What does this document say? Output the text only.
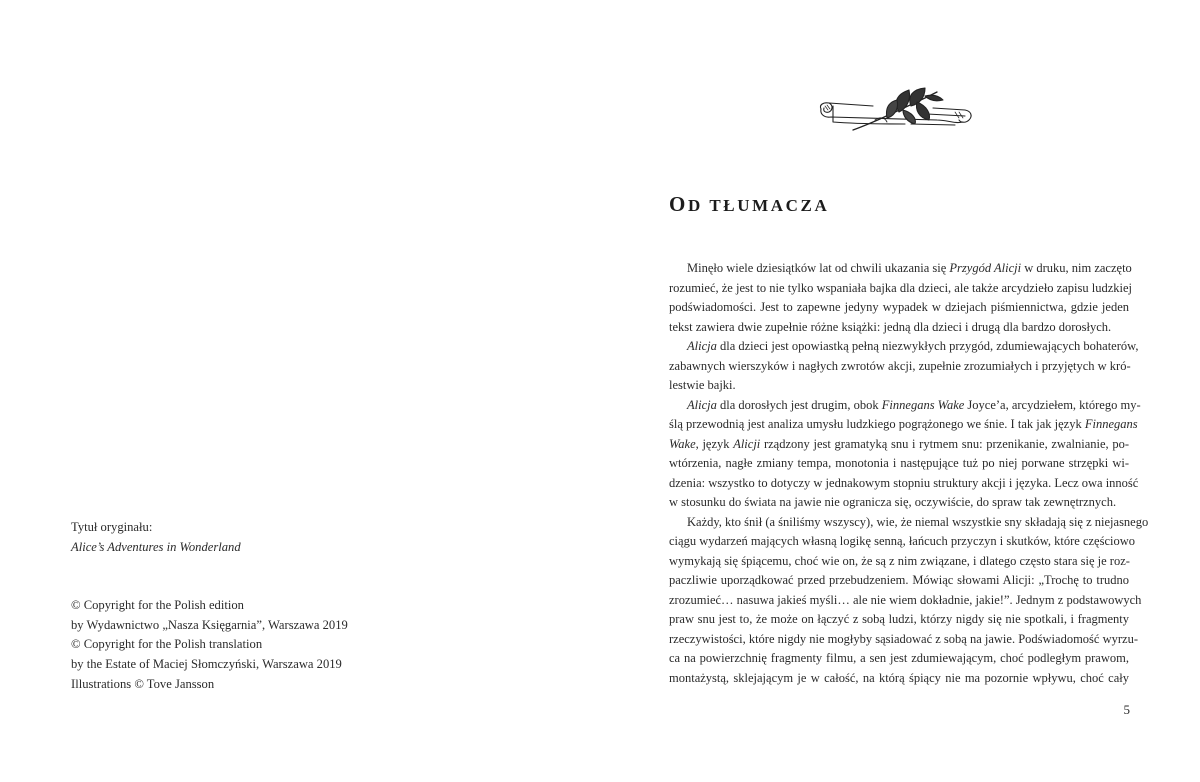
Tytuł oryginału:
Alice’s Adventures in Wonderland
© Copyright for the Polish edition
by Wydawnictwo „Nasza Księgarnia”, Warszawa 2019
© Copyright for the Polish translation
by the Estate of Maciej Słomczyński, Warszawa 2019
Illustrations © Tove Jansson
OD TŁUMACZA
Minęło wiele dziesiątków lat od chwili ukazania się Przygód Alicji w druku, nim zaczęto
rozumieć, że jest to nie tylko wspaniała bajka dla dzieci, ale także arcydzieło zapisu ludzkiej
podświadomości. Jest to zapewne jedyny wypadek w dziejach piśmiennictwa, gdzie jeden
tekst zawiera dwie zupełnie różne książki: jedną dla dzieci i drugą dla bardzo dorosłych.
Alicja dla dzieci jest opowiastką pełną niezwykłych przygód, zdumiewających bohaterów,
zabawnych wierszyków i nagłych zwrotów akcji, zupełnie zrozumiałych i przyjętych w kró-
lestwie bajki.
Alicja dla dorosłych jest drugim, obok Finnegans Wake Joyce’a, arcydziełem, którego my-
ślą przewodnią jest analiza umysłu ludzkiego pogrążonego we śnie. I tak jak język Finnegans
Wake, język Alicji rządzony jest gramatyką snu i rytmem snu: przenikanie, zwalnianie, po-
wtórzenia, nagłe zmiany tempa, monotonia i następujące tuż po niej porwane strzępki wi-
dzenia: wszystko to dotyczy w jednakowym stopniu struktury akcji i języka. Lecz owa inność
w stosunku do świata na jawie nie ogranicza się, oczywiście, do spraw tak zewnętrznych.
Każdy, kto śnił (a śniliśmy wszyscy), wie, że niemal wszystkie sny składają się z niejasnego
ciągu wydarzeń mających własną logikę senną, łańcuch przyczyn i skutków, które częściowo
wymykają się śpiącemu, choć wie on, że są z nim związane, i dlatego często stara się je roz-
paczliwie uporządkować przed przebudzeniem. Mówiąc słowami Alicji: „Trochę to trudno
zrozumieć… nasuwa jakieś myśli… ale nie wiem dokładnie, jakie!”. Jednym z podstawowych
praw snu jest to, że może on łączyć z sobą ludzi, którzy nigdy się nie spotkali, i fragmenty
rzeczywistości, które nigdy nie mogłyby sąsiadować z sobą na jawie. Podświadomość wyrzu-
ca na powierzchnię fragmenty filmu, a sen jest zdumiewającym, choć podległym prawom,
montażystą, sklejającym je w całość, na którą śpiący nie ma pozornie wpływu, choć cały
5
